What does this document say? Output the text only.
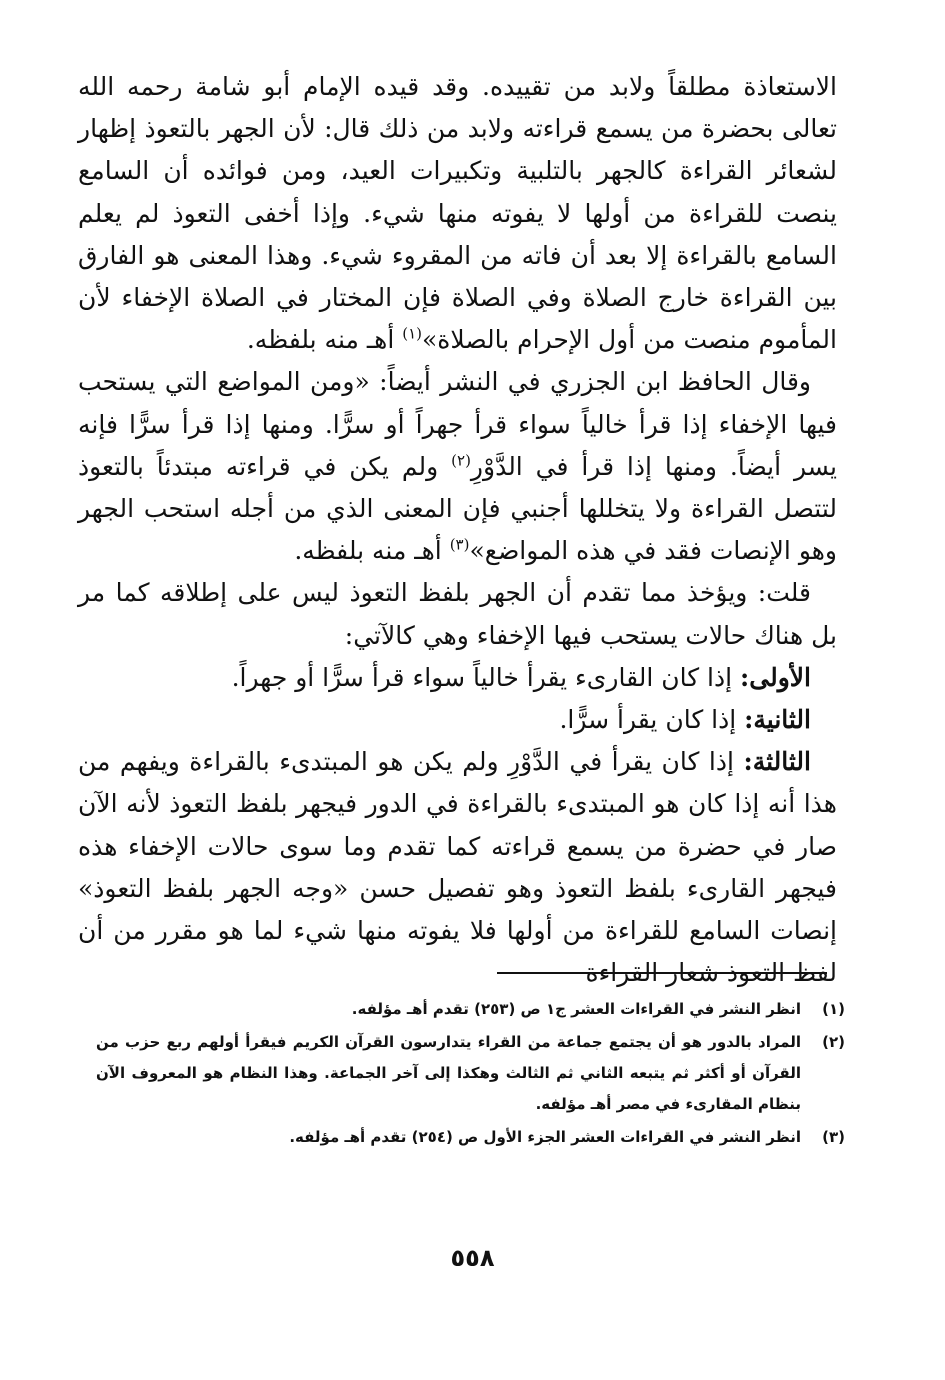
الاستعاذة مطلقاً ولابد من تقييده. وقد قيده الإمام أبو شامة رحمه الله تعالى بحضرة من يسمع قراءته ولابد من ذلك قال: لأن الجهر بالتعوذ إظهار لشعائر القراءة كالجهر بالتلبية وتكبيرات العيد، ومن فوائده أن السامع ينصت للقراءة من أولها لا يفوته منها شيء. وإذا أخفى التعوذ لم يعلم السامع بالقراءة إلا بعد أن فاته من المقروء شيء. وهذا المعنى هو الفارق بين القراءة خارج الصلاة وفي الصلاة فإن المختار في الصلاة الإخفاء لأن المأموم منصت من أول الإحرام بالصلاة»$^{(١)}$ أهـ منه بلفظه.

وقال الحافظ ابن الجزري في النشر أيضاً: «ومن المواضع التي يستحب فيها الإخفاء إذا قرأ خالياً سواء قرأ جهراً أو سرًّا. ومنها إذا قرأ سرًّا فإنه يسر أيضاً. ومنها إذا قرأ في الدَّوْرِ$^{(٢)}$ ولم يكن في قراءته مبتدئاً بالتعوذ لتتصل القراءة ولا يتخللها أجنبي فإن المعنى الذي من أجله استحب الجهر وهو الإنصات فقد في هذه المواضع»$^{(٣)}$ أهـ منه بلفظه.

قلت: ويؤخذ مما تقدم أن الجهر بلفظ التعوذ ليس على إطلاقه كما مر بل هناك حالات يستحب فيها الإخفاء وهي كالآتي:

الأولى: إذا كان القارىء يقرأ خالياً سواء قرأ سرًّا أو جهراً.

الثانية: إذا كان يقرأ سرًّا.

الثالثة: إذا كان يقرأ في الدَّوْرِ ولم يكن هو المبتدىء بالقراءة ويفهم من هذا أنه إذا كان هو المبتدىء بالقراءة في الدور فيجهر بلفظ التعوذ لأنه الآن صار في حضرة من يسمع قراءته كما تقدم وما سوى حالات الإخفاء هذه فيجهر القارىء بلفظ التعوذ وهو تفصيل حسن «وجه الجهر بلفظ التعوذ» إنصات السامع للقراءة من أولها فلا يفوته منها شيء لما هو مقرر من أن لفظ التعوذ شعار القراءة

(١)
انظر النشر في القراءات العشر ج١ ص (٢٥٣) تقدم أهـ مؤلفه.
(٢)
المراد بالدور هو أن يجتمع جماعة من القراء يتدارسون القرآن الكريم فيقرأ أولهم ربع حزب من القرآن أو أكثر ثم يتبعه الثاني ثم الثالث وهكذا إلى آخر الجماعة. وهذا النظام هو المعروف الآن بنظام المقارىء في مصر أهـ مؤلفه.
(٣)
انظر النشر في القراءات العشر الجزء الأول ص (٢٥٤) تقدم أهـ مؤلفه.
٥٥٨
